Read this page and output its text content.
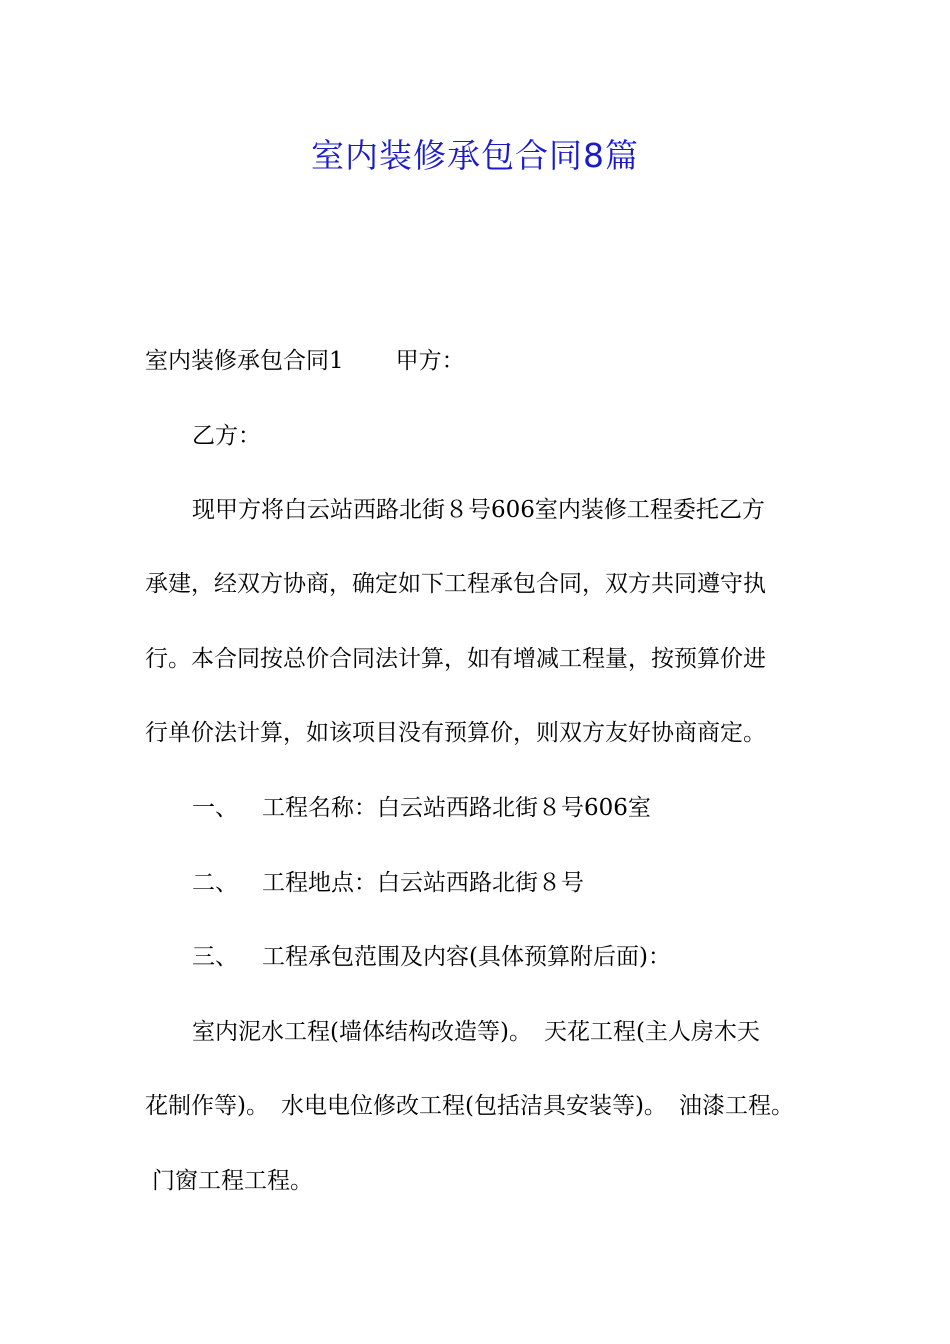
室内装修承包合同8篇

室内装修承包合同1 甲方：

乙方：

现甲方将白云站西路北街８号606室内装修工程委托乙方

承建，经双方协商，确定如下工程承包合同，双方共同遵守执

行。本合同按总价合同法计算，如有增减工程量，按预算价进

行单价法计算，如该项目没有预算价，则双方友好协商商定。

一、 工程名称：白云站西路北街８号606室

二、 工程地点：白云站西路北街８号

三、 工程承包范围及内容(具体预算附后面)：

室内泥水工程(墙体结构改造等)。 天花工程(主人房木天

花制作等)。 水电电位修改工程(包括洁具安装等)。 油漆工程。

门窗工程工程。
